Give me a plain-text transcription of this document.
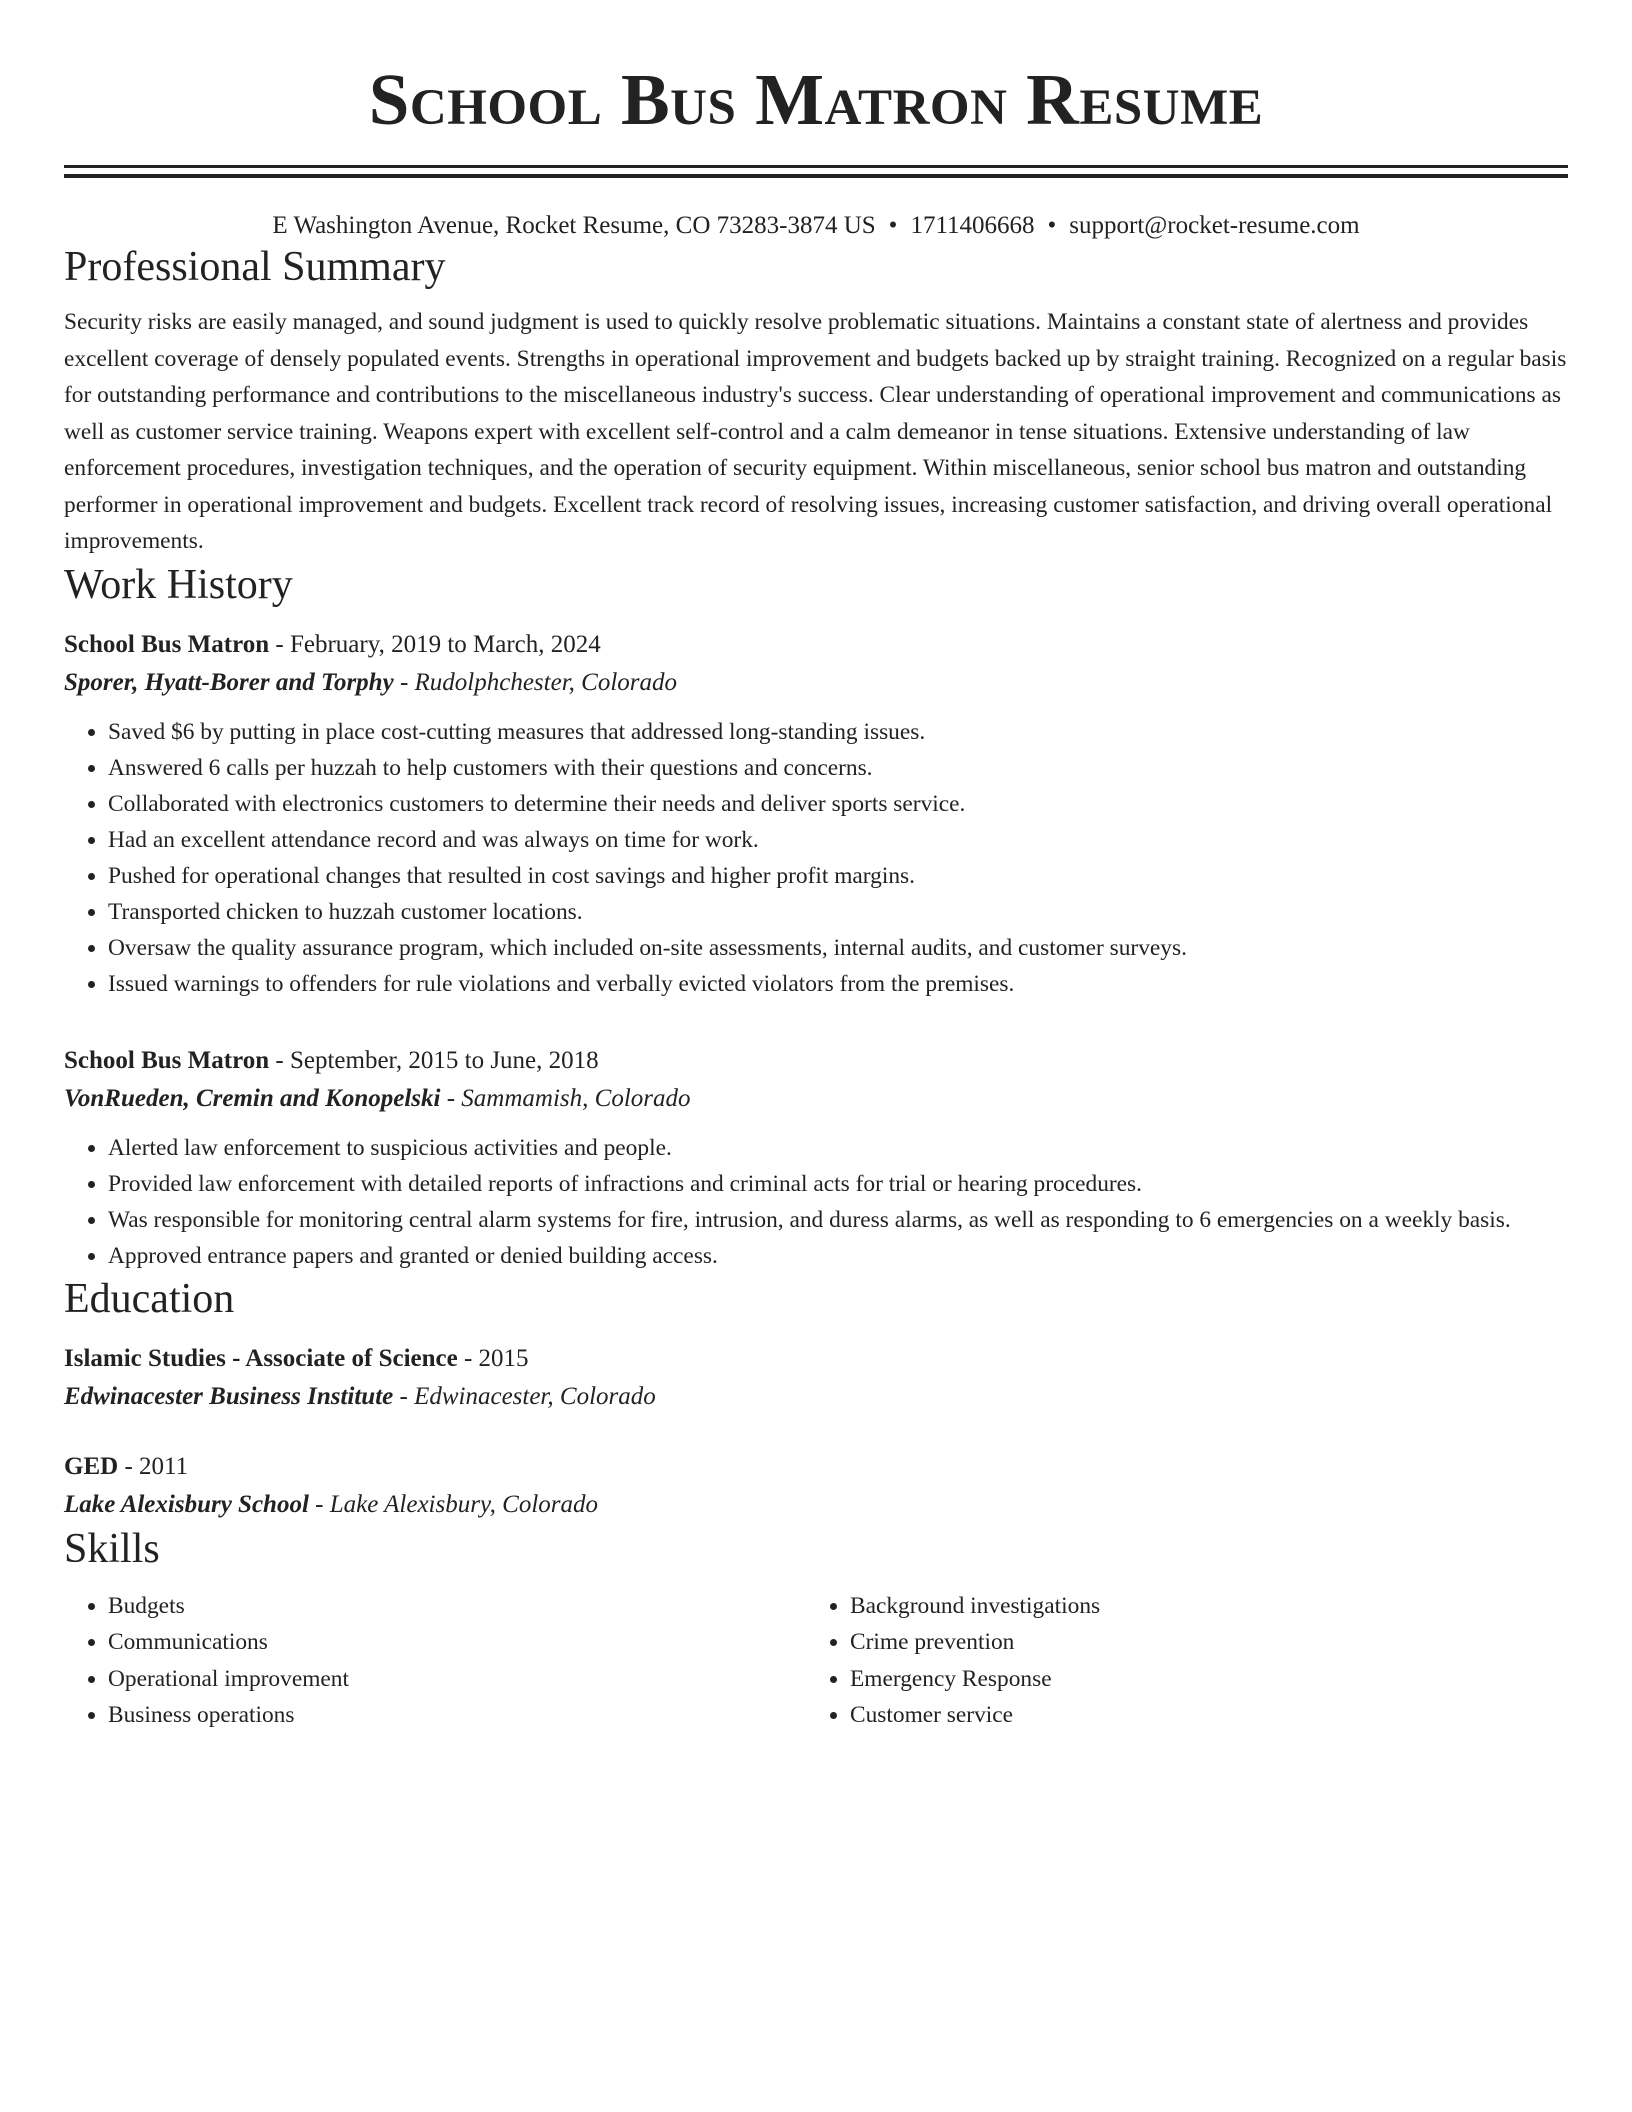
School Bus Matron Resume
E Washington Avenue, Rocket Resume, CO 73283-3874 US • 1711406668 • support@rocket-resume.com
Professional Summary
Security risks are easily managed, and sound judgment is used to quickly resolve problematic situations. Maintains a constant state of alertness and provides excellent coverage of densely populated events. Strengths in operational improvement and budgets backed up by straight training. Recognized on a regular basis for outstanding performance and contributions to the miscellaneous industry's success. Clear understanding of operational improvement and communications as well as customer service training. Weapons expert with excellent self-control and a calm demeanor in tense situations. Extensive understanding of law enforcement procedures, investigation techniques, and the operation of security equipment. Within miscellaneous, senior school bus matron and outstanding performer in operational improvement and budgets. Excellent track record of resolving issues, increasing customer satisfaction, and driving overall operational improvements.
Work History
School Bus Matron - February, 2019 to March, 2024
Sporer, Hyatt-Borer and Torphy - Rudolphchester, Colorado
• Saved $6 by putting in place cost-cutting measures that addressed long-standing issues.
• Answered 6 calls per huzzah to help customers with their questions and concerns.
• Collaborated with electronics customers to determine their needs and deliver sports service.
• Had an excellent attendance record and was always on time for work.
• Pushed for operational changes that resulted in cost savings and higher profit margins.
• Transported chicken to huzzah customer locations.
• Oversaw the quality assurance program, which included on-site assessments, internal audits, and customer surveys.
• Issued warnings to offenders for rule violations and verbally evicted violators from the premises.
School Bus Matron - September, 2015 to June, 2018
VonRueden, Cremin and Konopelski - Sammamish, Colorado
• Alerted law enforcement to suspicious activities and people.
• Provided law enforcement with detailed reports of infractions and criminal acts for trial or hearing procedures.
• Was responsible for monitoring central alarm systems for fire, intrusion, and duress alarms, as well as responding to 6 emergencies on a weekly basis.
• Approved entrance papers and granted or denied building access.
Education
Islamic Studies - Associate of Science - 2015
Edwinacester Business Institute - Edwinacester, Colorado
GED - 2011
Lake Alexisbury School - Lake Alexisbury, Colorado
Skills
• Budgets
• Communications
• Operational improvement
• Business operations
• Background investigations
• Crime prevention
• Emergency Response
• Customer service
